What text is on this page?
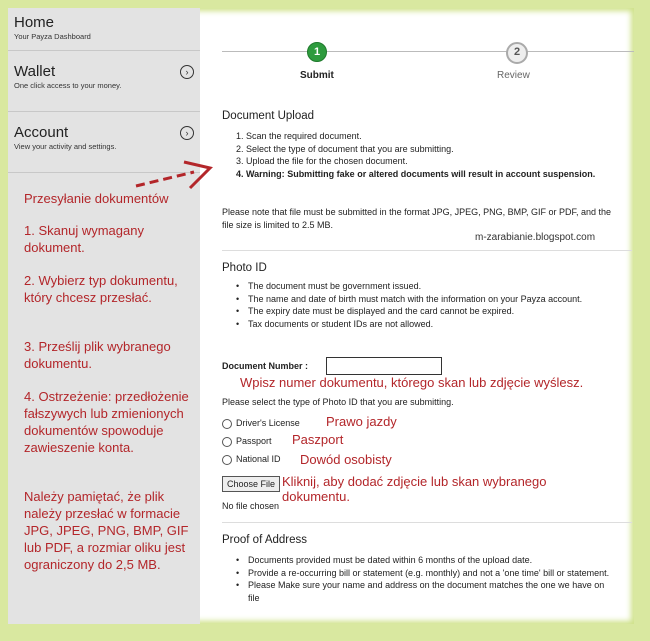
Home
Your Payza Dashboard
Wallet
One click access to your money.
›
Account
View your activity and settings.
›
Przesyłanie dokumentów
1. Skanuj wymagany dokument.
2. Wybierz typ dokumentu, który chcesz przesłać.
3. Prześlij plik wybranego dokumentu.
4. Ostrzeżenie: przedłożenie fałszywych lub zmienionych dokumentów spowoduje zawieszenie konta.
Należy pamiętać, że plik należy przesłać w formacie JPG, JPEG, PNG, BMP, GIF lub PDF, a rozmiar oliku jest ograniczony do 2,5 MB.
1	2
Submit	Review
Document Upload
1. Scan the required document.
2. Select the type of document that you are submitting.
3. Upload the file for the chosen document.
4. Warning: Submitting fake or altered documents will result in account suspension.
Please note that file must be submitted in the format JPG, JPEG, PNG, BMP, GIF or PDF, and the file size is limited to 2.5 MB.
m-zarabianie.blogspot.com
Photo ID
• The document must be government issued.
• The name and date of birth must match with the information on your Payza account.
• The expiry date must be displayed and the card cannot be expired.
• Tax documents or student IDs are not allowed.
Document Number :
Wpisz numer dokumentu, którego skan lub zdjęcie wyślesz.
Please select the type of Photo ID that you are submitting.
Driver's License Prawo jazdy
Passport Paszport
National ID Dowód osobisty
Choose File Kliknij, aby dodać zdjęcie lub skan wybranego dokumentu.
No file chosen
Proof of Address
• Documents provided must be dated within 6 months of the upload date.
• Provide a re-occurring bill or statement (e.g. monthly) and not a 'one time' bill or statement.
• Please Make sure your name and address on the document matches the one we have on file
